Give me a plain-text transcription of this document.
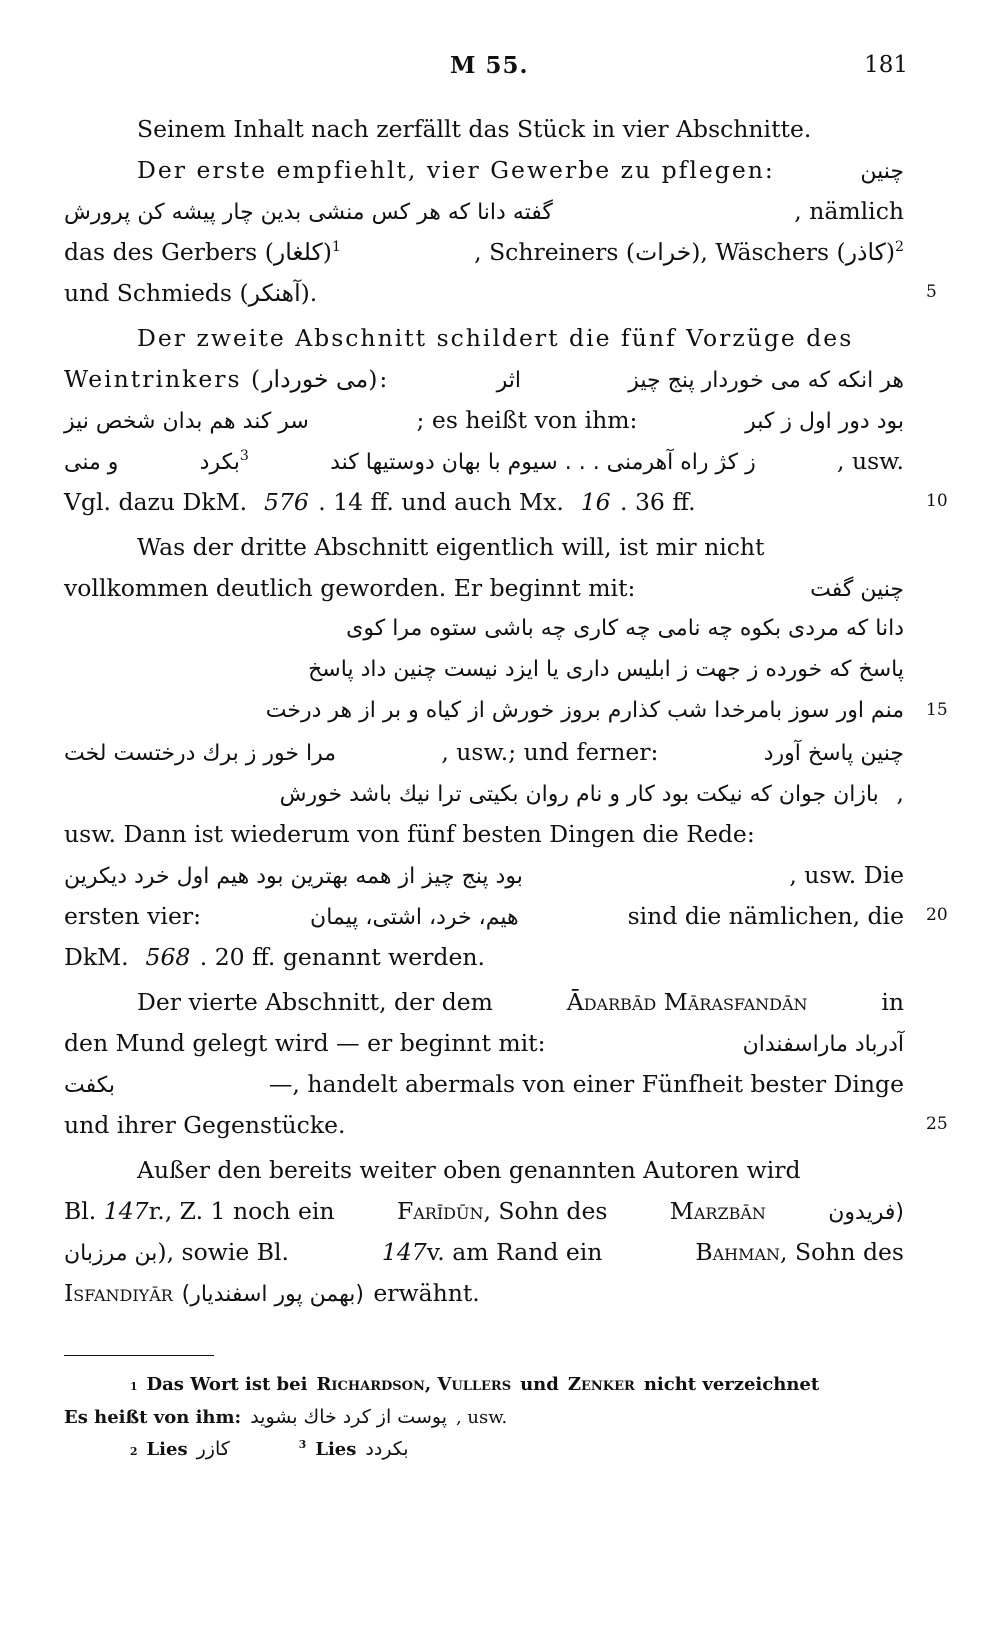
M 55.	181
Seinem Inhalt nach zerfällt das Stück in vier Abschnitte.
Der erste empfiehlt, vier Gewerbe zu pflegen:	چنين
گفته دانا كه هر كس منشى بدين چار پيشه كن پرورش	, nämlich
das des Gerbers (كلغار)$^1$	, Schreiners (خرات), Wäschers (كاذر)$^2$
und Schmieds (آهنكر).	5
Der zweite Abschnitt schildert die fünf Vorzüge des
Weintrinkers (مى خوردار):	اثر	هر انكه كه مى خوردار پنج چيز
سر كند هم بدان شخص نيز	; es heißt von ihm:	بود دور اول ز كبر
و منى	بكرد$^3$	ز كژ راه آهرمنى . . . سيوم با بهان دوستيها كند	, usw.
Vgl. dazu DkM. 576 . 14 ff. und auch Mx. 16 . 36 ff.	10
Was der dritte Abschnitt eigentlich will, ist mir nicht
vollkommen deutlich geworden. Er beginnt mit:	چنين گفت
دانا كه مردى بكوه چه نامى چه كارى چه باشى ستوه مرا كوى
پاسخ كه خورده ز جهت ز ابليس دارى يا ايزد نيست چنين داد پاسخ
منم اور سوز بامرخدا شب كذارم بروز خورش از كياه و بر از هر درخت 15
مرا خور ز برك درختست لخت	, usw.; und ferner:	چنين پاسخ آورد
بازان جوان كه نيكت بود كار و نام روان بكيتى ترا نيك باشد خورش ,
usw. Dann ist wiederum von fünf besten Dingen die Rede:
بود پنج چيز از همه بهترين بود هيم اول خرد ديكرين	, usw. Die
ersten vier:	هيم، خرد، اشتى، پيمان	sind die nämlichen, die 20
DkM. 568 . 20 ff. genannt werden.
Der vierte Abschnitt, der dem	Ādarbād Mārasfandān	in
den Mund gelegt wird — er beginnt mit:	آدرباد ماراسفندان
بكفت	—, handelt abermals von einer Fünfheit bester Dinge
und ihrer Gegenstücke.	25
Außer den bereits weiter oben genannten Autoren wird
Bl. 147r., Z. 1 noch ein	Farīdūn, Sohn des	Marzbān	(فريدون
بن مرزبان), sowie Bl.	147v. am Rand ein	Bahman, Sohn des
Isfandiyār (بهمن پور اسفنديار) erwähnt.
1 Das Wort ist bei Richardson, Vullers und Zenker nicht verzeichnet
Es heißt von ihm: پوست از كرد خاك بشويد , usw.
2 Lies كازر	$^3$ Lies بكردد
